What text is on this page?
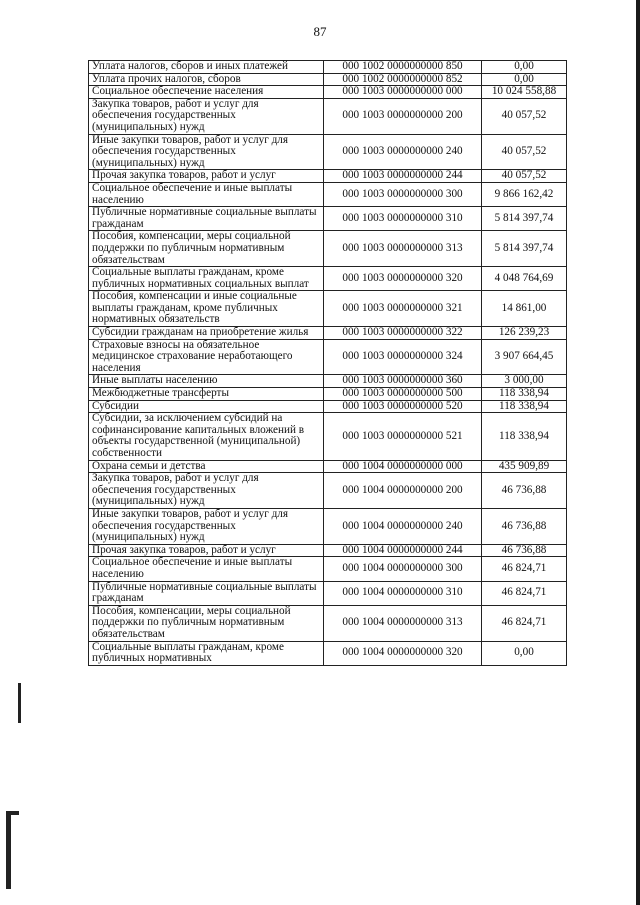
87
Уплата налогов, сборов и иных платежей	000 1002 0000000000 850	0,00
Уплата прочих налогов, сборов	000 1002 0000000000 852	0,00
Социальное обеспечение населения	000 1003 0000000000 000	10 024 558,88
Закупка товаров, работ и услуг для обеспечения государственных (муниципальных) нужд	000 1003 0000000000 200	40 057,52
Иные закупки товаров, работ и услуг для обеспечения государственных (муниципальных) нужд	000 1003 0000000000 240	40 057,52
Прочая закупка товаров, работ и услуг	000 1003 0000000000 244	40 057,52
Социальное обеспечение и иные выплаты населению	000 1003 0000000000 300	9 866 162,42
Публичные нормативные социальные выплаты гражданам	000 1003 0000000000 310	5 814 397,74
Пособия, компенсации, меры социальной поддержки по публичным нормативным обязательствам	000 1003 0000000000 313	5 814 397,74
Социальные выплаты гражданам, кроме публичных нормативных социальных выплат	000 1003 0000000000 320	4 048 764,69
Пособия, компенсации и иные социальные выплаты гражданам, кроме публичных нормативных обязательств	000 1003 0000000000 321	14 861,00
Субсидии гражданам на приобретение жилья	000 1003 0000000000 322	126 239,23
Страховые взносы на обязательное медицинское страхование неработающего населения	000 1003 0000000000 324	3 907 664,45
Иные выплаты населению	000 1003 0000000000 360	3 000,00
Межбюджетные трансферты	000 1003 0000000000 500	118 338,94
Субсидии	000 1003 0000000000 520	118 338,94
Субсидии, за исключением субсидий на софинансирование капитальных вложений в объекты государственной (муниципальной) собственности	000 1003 0000000000 521	118 338,94
Охрана семьи и детства	000 1004 0000000000 000	435 909,89
Закупка товаров, работ и услуг для обеспечения государственных (муниципальных) нужд	000 1004 0000000000 200	46 736,88
Иные закупки товаров, работ и услуг для обеспечения государственных (муниципальных) нужд	000 1004 0000000000 240	46 736,88
Прочая закупка товаров, работ и услуг	000 1004 0000000000 244	46 736,88
Социальное обеспечение и иные выплаты населению	000 1004 0000000000 300	46 824,71
Публичные нормативные социальные выплаты гражданам	000 1004 0000000000 310	46 824,71
Пособия, компенсации, меры социальной поддержки по публичным нормативным обязательствам	000 1004 0000000000 313	46 824,71
Социальные выплаты гражданам, кроме публичных нормативных	000 1004 0000000000 320	0,00
